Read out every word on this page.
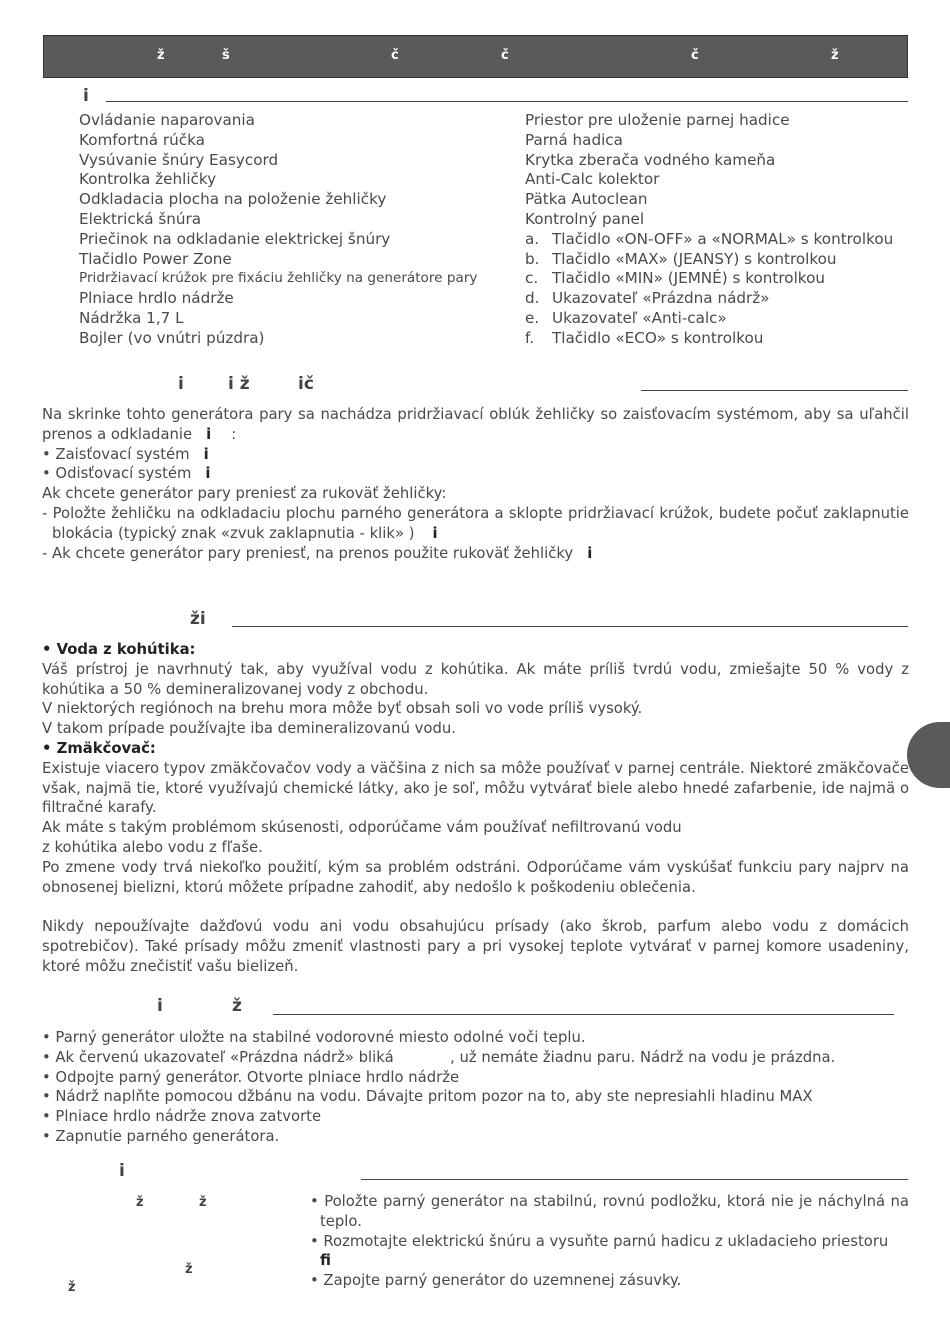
ž	š	č	č	č	ž
i
Ovládanie naparovania
Komfortná rúčka
Vysúvanie šnúry Easycord
Kontrolka žehličky
Odkladacia plocha na položenie žehličky
Elektrická šnúra
Priečinok na odkladanie elektrickej šnúry
Tlačidlo Power Zone
Pridržiavací krúžok pre fixáciu žehličky na generátore pary
Plniace hrdlo nádrže
Nádržka 1,7 L
Bojler (vo vnútri púzdra)
Priestor pre uloženie parnej hadice
Parná hadica
Krytka zberača vodného kameňa
Anti-Calc kolektor
Pätka Autoclean
Kontrolný panel
a. Tlačidlo «ON-OFF» a «NORMAL» s kontrolkou
b. Tlačidlo «MAX» (JEANSY) s kontrolkou
c. Tlačidlo «MIN» (JEMNÉ) s kontrolkou
d. Ukazovateľ «Prázdna nádrž»
e. Ukazovateľ «Anti-calc»
f. Tlačidlo «ECO» s kontrolkou
i	i ž	ič

Na skrinke tohto generátora pary sa nachádza pridržiavací oblúk žehličky so zaisťovacím systémom, aby sa uľahčil prenos a odkladanie i :

• Zaisťovací systém i

• Odisťovací systém i

Ak chcete generátor pary preniesť za rukoväť žehličky:

- Položte žehličku na odkladaciu plochu parného generátora a sklopte pridržiavací krúžok, budete počuť zaklapnutie blokácia (typický znak «zvuk zaklapnutia - klik» ) i

- Ak chcete generátor pary preniesť, na prenos použite rukoväť žehličky i

ži

• Voda z kohútika:

Váš prístroj je navrhnutý tak, aby využíval vodu z kohútika. Ak máte príliš tvrdú vodu, zmiešajte 50 % vody z kohútika a 50 % demineralizovanej vody z obchodu.

V niektorých regiónoch na brehu mora môže byť obsah soli vo vode príliš vysoký.

V takom prípade používajte iba demineralizovanú vodu.

• Zmäkčovač:

Existuje viacero typov zmäkčovačov vody a väčšina z nich sa môže používať v parnej centrále. Niektoré zmäkčovače však, najmä tie, ktoré využívajú chemické látky, ako je soľ, môžu vytvárať biele alebo hnedé zafarbenie, ide najmä o filtračné karafy.

Ak máte s takým problémom skúsenosti, odporúčame vám používať nefiltrovanú vodu

z kohútika alebo vodu z fľaše.

Po zmene vody trvá niekoľko použití, kým sa problém odstráni. Odporúčame vám vyskúšať funkciu pary najprv na obnosenej bielizni, ktorú môžete prípadne zahodiť, aby nedošlo k poškodeniu oblečenia.

Nikdy nepoužívajte dažďovú vodu ani vodu obsahujúcu prísady (ako škrob, parfum alebo vodu z domácich spotrebičov). Také prísady môžu zmeniť vlastnosti pary a pri vysokej teplote vytvárať v parnej komore usadeniny, ktoré môžu znečistiť vašu bielizeň.

i	ž

• Parný generátor uložte na stabilné vodorovné miesto odolné voči teplu.

• Ak červenú ukazovateľ «Prázdna nádrž» bliká            , už nemáte žiadnu paru. Nádrž na vodu je prázdna.

• Odpojte parný generátor. Otvorte plniace hrdlo nádrže

• Nádrž naplňte pomocou džbánu na vodu. Dávajte pritom pozor na to, aby ste nepresiahli hladinu MAX

• Plniace hrdlo nádrže znova zatvorte

• Zapnutie parného generátora.

i
ž	ž
ž
ž

• Položte parný generátor na stabilnú, rovnú podložku, ktorá nie je náchylná na teplo.

• Rozmotajte elektrickú šnúru a vysuňte parnú hadicu z ukladacieho priestoru

ﬁ

• Zapojte parný generátor do uzemnenej zásuvky.
